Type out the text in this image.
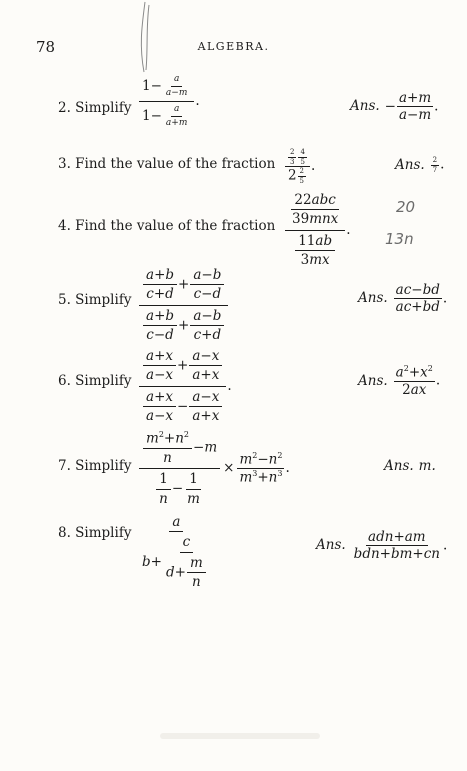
78	ALGEBRA.
2. Simplify $\frac{1- \frac{a}{a-m}}{1- \frac{a}{a+m}}$ .	Ans. − $\frac{a+m}{a-m}$ .
3. Find the value of the fraction $\frac{\frac{2}{3} \frac{4}{5}}{2 \frac{2}{5}}$ .	Ans. $\frac{2}{7}$ .
4. Find the value of the fraction $\frac{\frac{\text{22abc}}{\text{39mnx}}}{\frac{11ab}{3mx}}$ .
20
13n
5. Simplify $\frac{\frac{a+b}{c+d} + \frac{a-b}{c-d}}{\frac{a+b}{c-d} + \frac{a-b}{c+d}}$	Ans. $\frac{ac-bd}{ac+bd}$ .
6. Simplify $\frac{\frac{a+x}{a-x} + \frac{a-x}{a+x}}{\frac{a+x}{a-x} - \frac{a-x}{a+x}}$ .	Ans. $\frac{a^2+x^2}{2ax}$ .
7. Simplify $\frac{\frac{m^2+n^2}{n} -m}{\frac{1}{n} - \frac{1}{m}} \times \frac{m^2-n^2}{m^3+n^3}$ .	Ans. m.
8. Simplify $\frac{a}{b+ \frac{c}{d+ \frac{m}{n}}}$	Ans. $\frac{\text{adn+am}}{\text{bdn+bm+cn}}$ .
